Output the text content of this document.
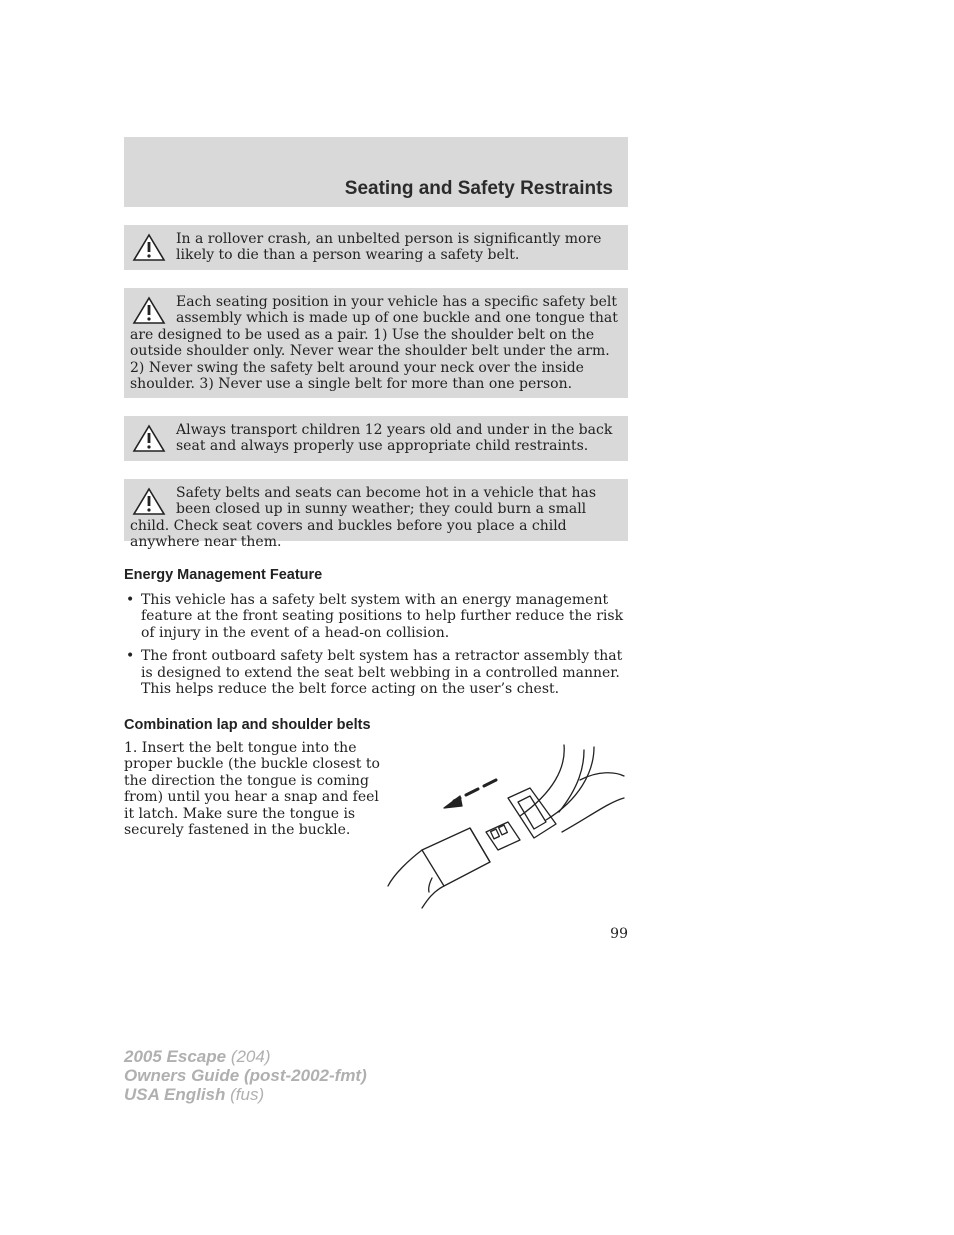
Seating and Safety Restraints
In a rollover crash, an unbelted person is significantly more likely to die than a person wearing a safety belt.
Each seating position in your vehicle has a specific safety belt assembly which is made up of one buckle and one tongue that are designed to be used as a pair. 1) Use the shoulder belt on the outside shoulder only. Never wear the shoulder belt under the arm. 2) Never swing the safety belt around your neck over the inside shoulder. 3) Never use a single belt for more than one person.
Always transport children 12 years old and under in the back seat and always properly use appropriate child restraints.
Safety belts and seats can become hot in a vehicle that has been closed up in sunny weather; they could burn a small child. Check seat covers and buckles before you place a child anywhere near them.
Energy Management Feature
• This vehicle has a safety belt system with an energy management feature at the front seating positions to help further reduce the risk of injury in the event of a head-on collision.
• The front outboard safety belt system has a retractor assembly that is designed to extend the seat belt webbing in a controlled manner. This helps reduce the belt force acting on the user’s chest.
Combination lap and shoulder belts

1. Insert the belt tongue into the proper buckle (the buckle closest to the direction the tongue is coming from) until you hear a snap and feel it latch. Make sure the tongue is securely fastened in the buckle.

99
2005 Escape (204)
Owners Guide (post-2002-fmt)
USA English (fus)
